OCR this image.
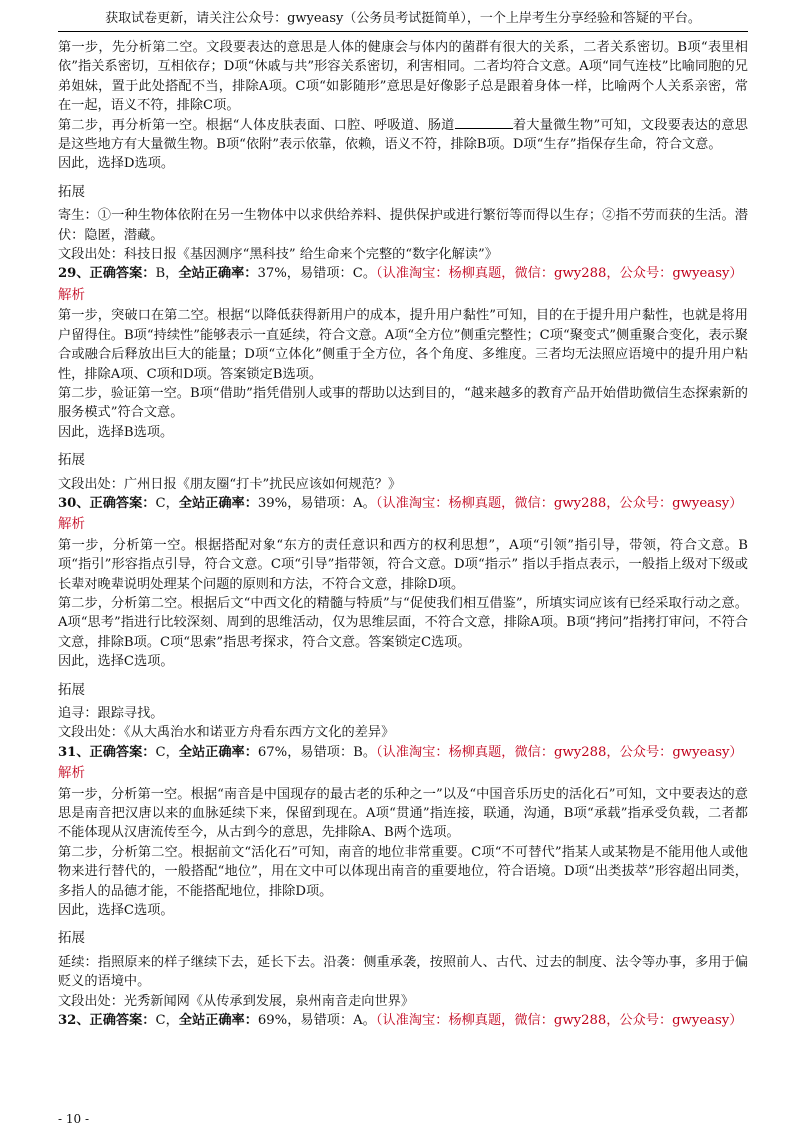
获取试卷更新，请关注公众号：gwyeasy（公务员考试挺简单），一个上岸考生分享经验和答疑的平台。

第一步，先分析第二空。文段要表达的意思是人体的健康会与体内的菌群有很大的关系，二者关系密切。B项“表里相依”指关系密切，互相依存；D项“休戚与共”形容关系密切，利害相同。二者均符合文意。A项“同气连枝”比喻同胞的兄弟姐妹，置于此处搭配不当，排除A项。C项“如影随形”意思是好像影子总是跟着身体一样，比喻两个人关系亲密，常在一起，语义不符，排除C项。

第二步，再分析第一空。根据“人体皮肤表面、口腔、呼吸道、肠道	着大量微生物”可知，文段要表达的意思是这些地方有大量微生物。B项“依附”表示依靠，依赖，语义不符，排除B项。D项“生存”指保存生命，符合文意。

因此，选择D选项。

拓展

寄生：①一种生物体依附在另一生物体中以求供给养料、提供保护或进行繁衍等而得以生存；②指不劳而获的生活。潜伏：隐匿，潜藏。

文段出处：科技日报《基因测序“黑科技” 给生命来个完整的“数字化解读”》

29、正确答案：B，全站正确率：37%，易错项：C。（认准淘宝：杨柳真题，微信：gwy288，公众号：gwyeasy）

解析

第一步，突破口在第二空。根据“以降低获得新用户的成本，提升用户黏性”可知，目的在于提升用户黏性，也就是将用户留得住。B项“持续性”能够表示一直延续，符合文意。A项“全方位”侧重完整性；C项“聚变式”侧重聚合变化，表示聚合或融合后释放出巨大的能量；D项“立体化”侧重于全方位，各个角度、多维度。三者均无法照应语境中的提升用户粘性，排除A项、C项和D项。答案锁定B选项。

第二步，验证第一空。B项“借助”指凭借别人或事的帮助以达到目的，“越来越多的教育产品开始借助微信生态探索新的服务模式”符合文意。

因此，选择B选项。

拓展

文段出处：广州日报《朋友圈“打卡”扰民应该如何规范？》

30、正确答案：C，全站正确率：39%，易错项：A。（认准淘宝：杨柳真题，微信：gwy288，公众号：gwyeasy）

解析

第一步，分析第一空。根据搭配对象“东方的责任意识和西方的权利思想”，A项“引领”指引导，带领，符合文意。B项“指引”形容指点引导，符合文意。C项“引导”指带领，符合文意。D项“指示” 指以手指点表示，一般指上级对下级或长辈对晚辈说明处理某个问题的原则和方法，不符合文意，排除D项。

第二步，分析第二空。根据后文“中西文化的精髓与特质”与“促使我们相互借鉴”，所填实词应该有已经采取行动之意。A项“思考”指进行比较深刻、周到的思维活动，仅为思维层面，不符合文意，排除A项。B项“拷问”指拷打审问，不符合文意，排除B项。C项“思索”指思考探求，符合文意。答案锁定C选项。

因此，选择C选项。

拓展

追寻：跟踪寻找。

文段出处：《从大禹治水和诺亚方舟看东西方文化的差异》

31、正确答案：C，全站正确率：67%，易错项：B。（认准淘宝：杨柳真题，微信：gwy288，公众号：gwyeasy）

解析

第一步，分析第一空。根据“南音是中国现存的最古老的乐种之一”以及“中国音乐历史的活化石”可知，文中要表达的意思是南音把汉唐以来的血脉延续下来，保留到现在。A项“贯通”指连接，联通，沟通，B项“承载”指承受负载，二者都不能体现从汉唐流传至今，从古到今的意思，先排除A、B两个选项。

第二步，分析第二空。根据前文“活化石”可知，南音的地位非常重要。C项“不可替代”指某人或某物是不能用他人或他物来进行替代的，一般搭配“地位”，用在文中可以体现出南音的重要地位，符合语境。D项“出类拔萃”形容超出同类，多指人的品德才能，不能搭配地位，排除D项。

因此，选择C选项。

拓展

延续：指照原来的样子继续下去，延长下去。沿袭：侧重承袭，按照前人、古代、过去的制度、法令等办事，多用于偏贬义的语境中。

文段出处：光秀新闻网《从传承到发展，泉州南音走向世界》

32、正确答案：C，全站正确率：69%，易错项：A。（认准淘宝：杨柳真题，微信：gwy288，公众号：gwyeasy）

- 10 -
